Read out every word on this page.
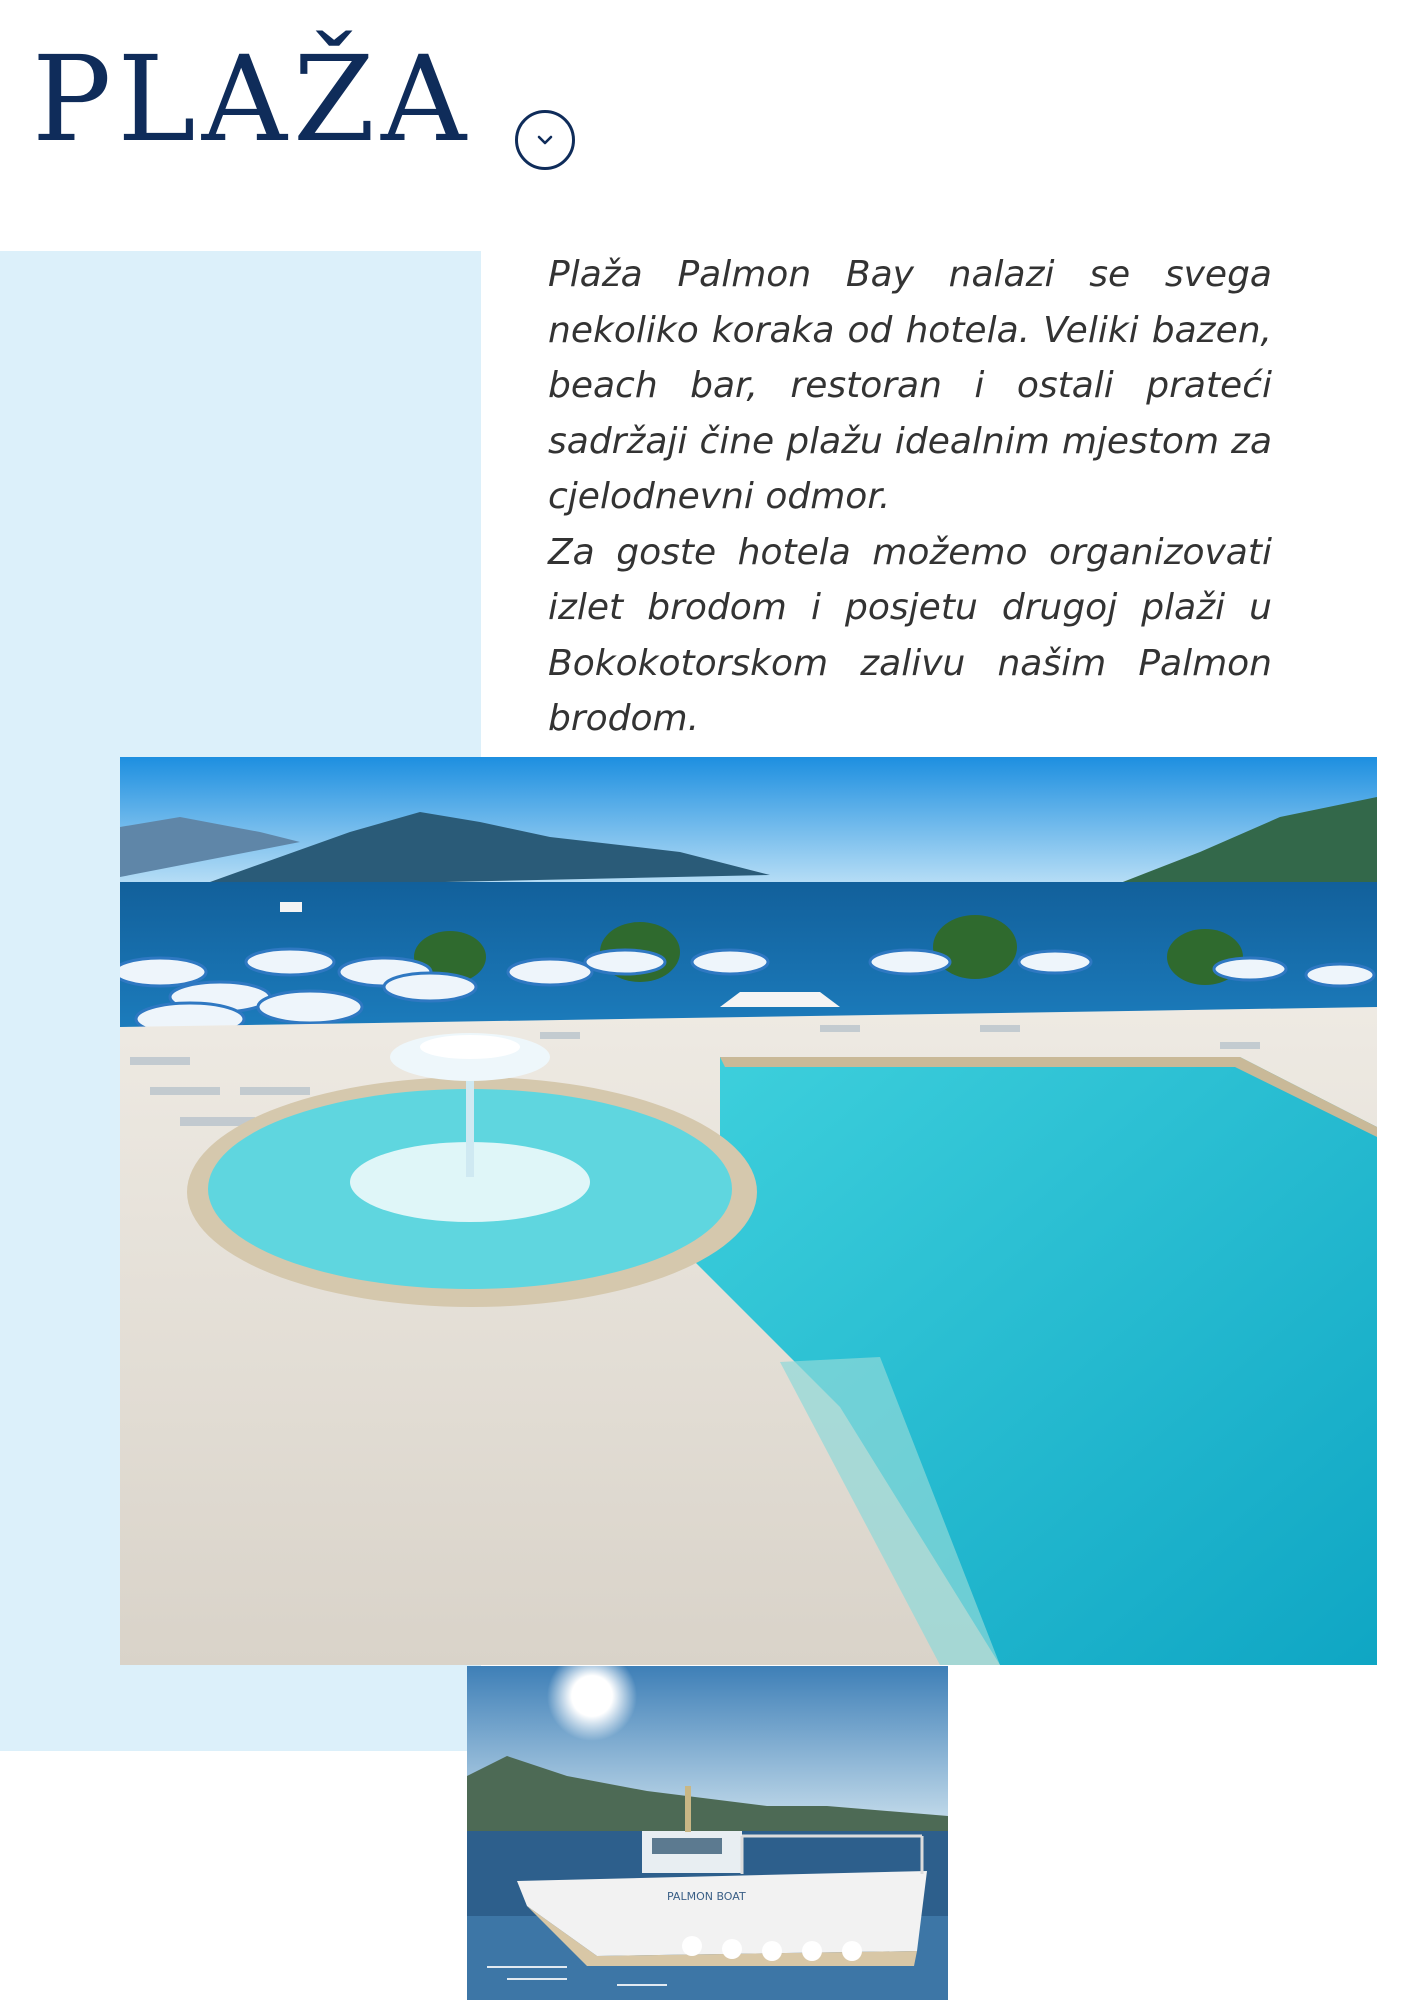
PLAŽA

Plaža Palmon Bay nalazi se svega nekoliko koraka od hotela. Veliki bazen, beach bar, restoran i ostali prateći sadržaji čine plažu idealnim mjestom za cjelodnevni odmor.
Za goste hotela možemo organizovati izlet brodom i posjetu drugoj plaži u Bokokotorskom zalivu našim Palmon brodom.

PALMON BOAT
